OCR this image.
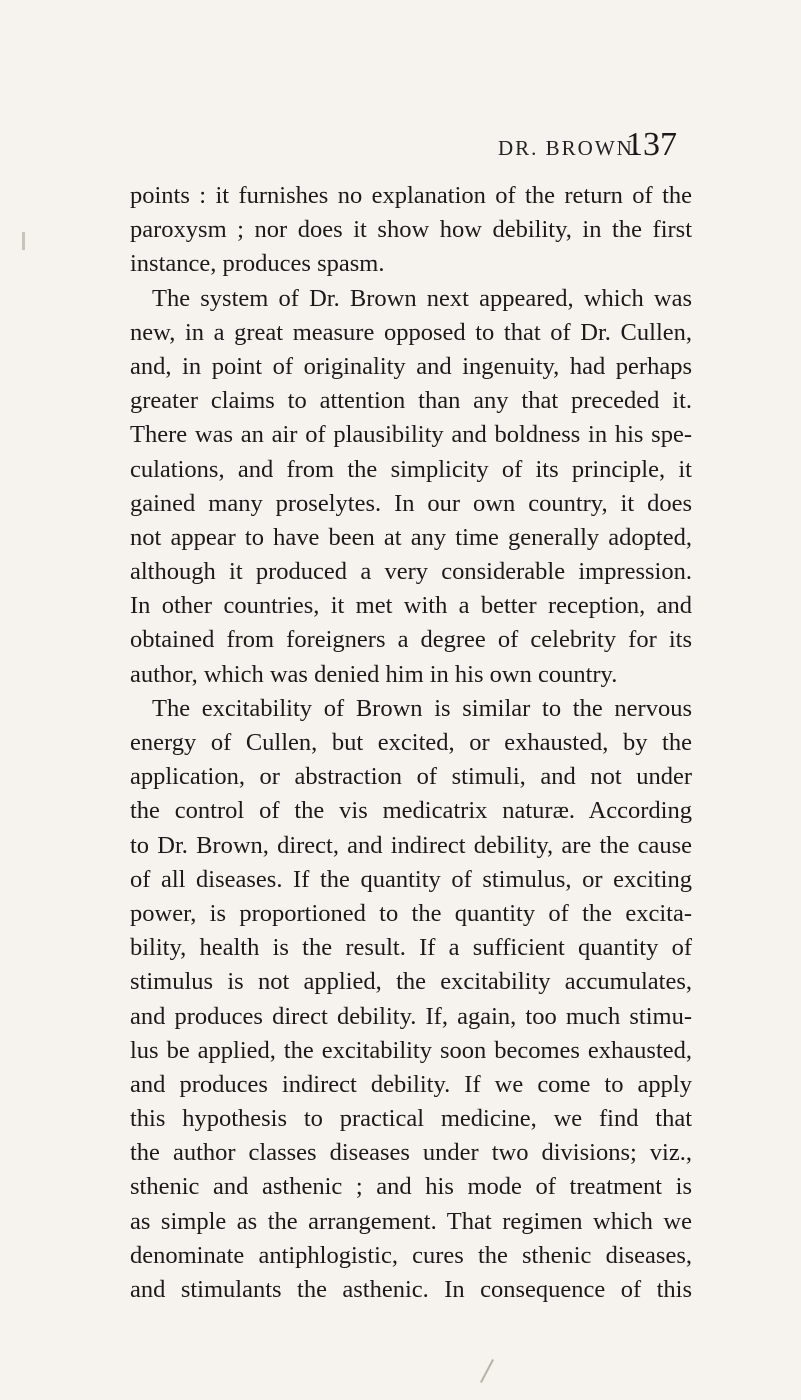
DR. BROWN.
137
points : it furnishes no explanation of the return of the
paroxysm ; nor does it show how debility, in the first
instance, produces spasm.
The system of Dr. Brown next appeared, which was
new, in a great measure opposed to that of Dr. Cullen,
and, in point of originality and ingenuity, had perhaps
greater claims to attention than any that preceded it.
There was an air of plausibility and boldness in his spe-
culations, and from the simplicity of its principle, it
gained many proselytes. In our own country, it does
not appear to have been at any time generally adopted,
although it produced a very considerable impression.
In other countries, it met with a better reception, and
obtained from foreigners a degree of celebrity for its
author, which was denied him in his own country.
The excitability of Brown is similar to the nervous
energy of Cullen, but excited, or exhausted, by the
application, or abstraction of stimuli, and not under
the control of the vis medicatrix naturæ. According
to Dr. Brown, direct, and indirect debility, are the cause
of all diseases. If the quantity of stimulus, or exciting
power, is proportioned to the quantity of the excita-
bility, health is the result. If a sufficient quantity of
stimulus is not applied, the excitability accumulates,
and produces direct debility. If, again, too much stimu-
lus be applied, the excitability soon becomes exhausted,
and produces indirect debility. If we come to apply
this hypothesis to practical medicine, we find that
the author classes diseases under two divisions; viz.,
sthenic and asthenic ; and his mode of treatment is
as simple as the arrangement. That regimen which we
denominate antiphlogistic, cures the sthenic diseases,
and stimulants the asthenic. In consequence of this
